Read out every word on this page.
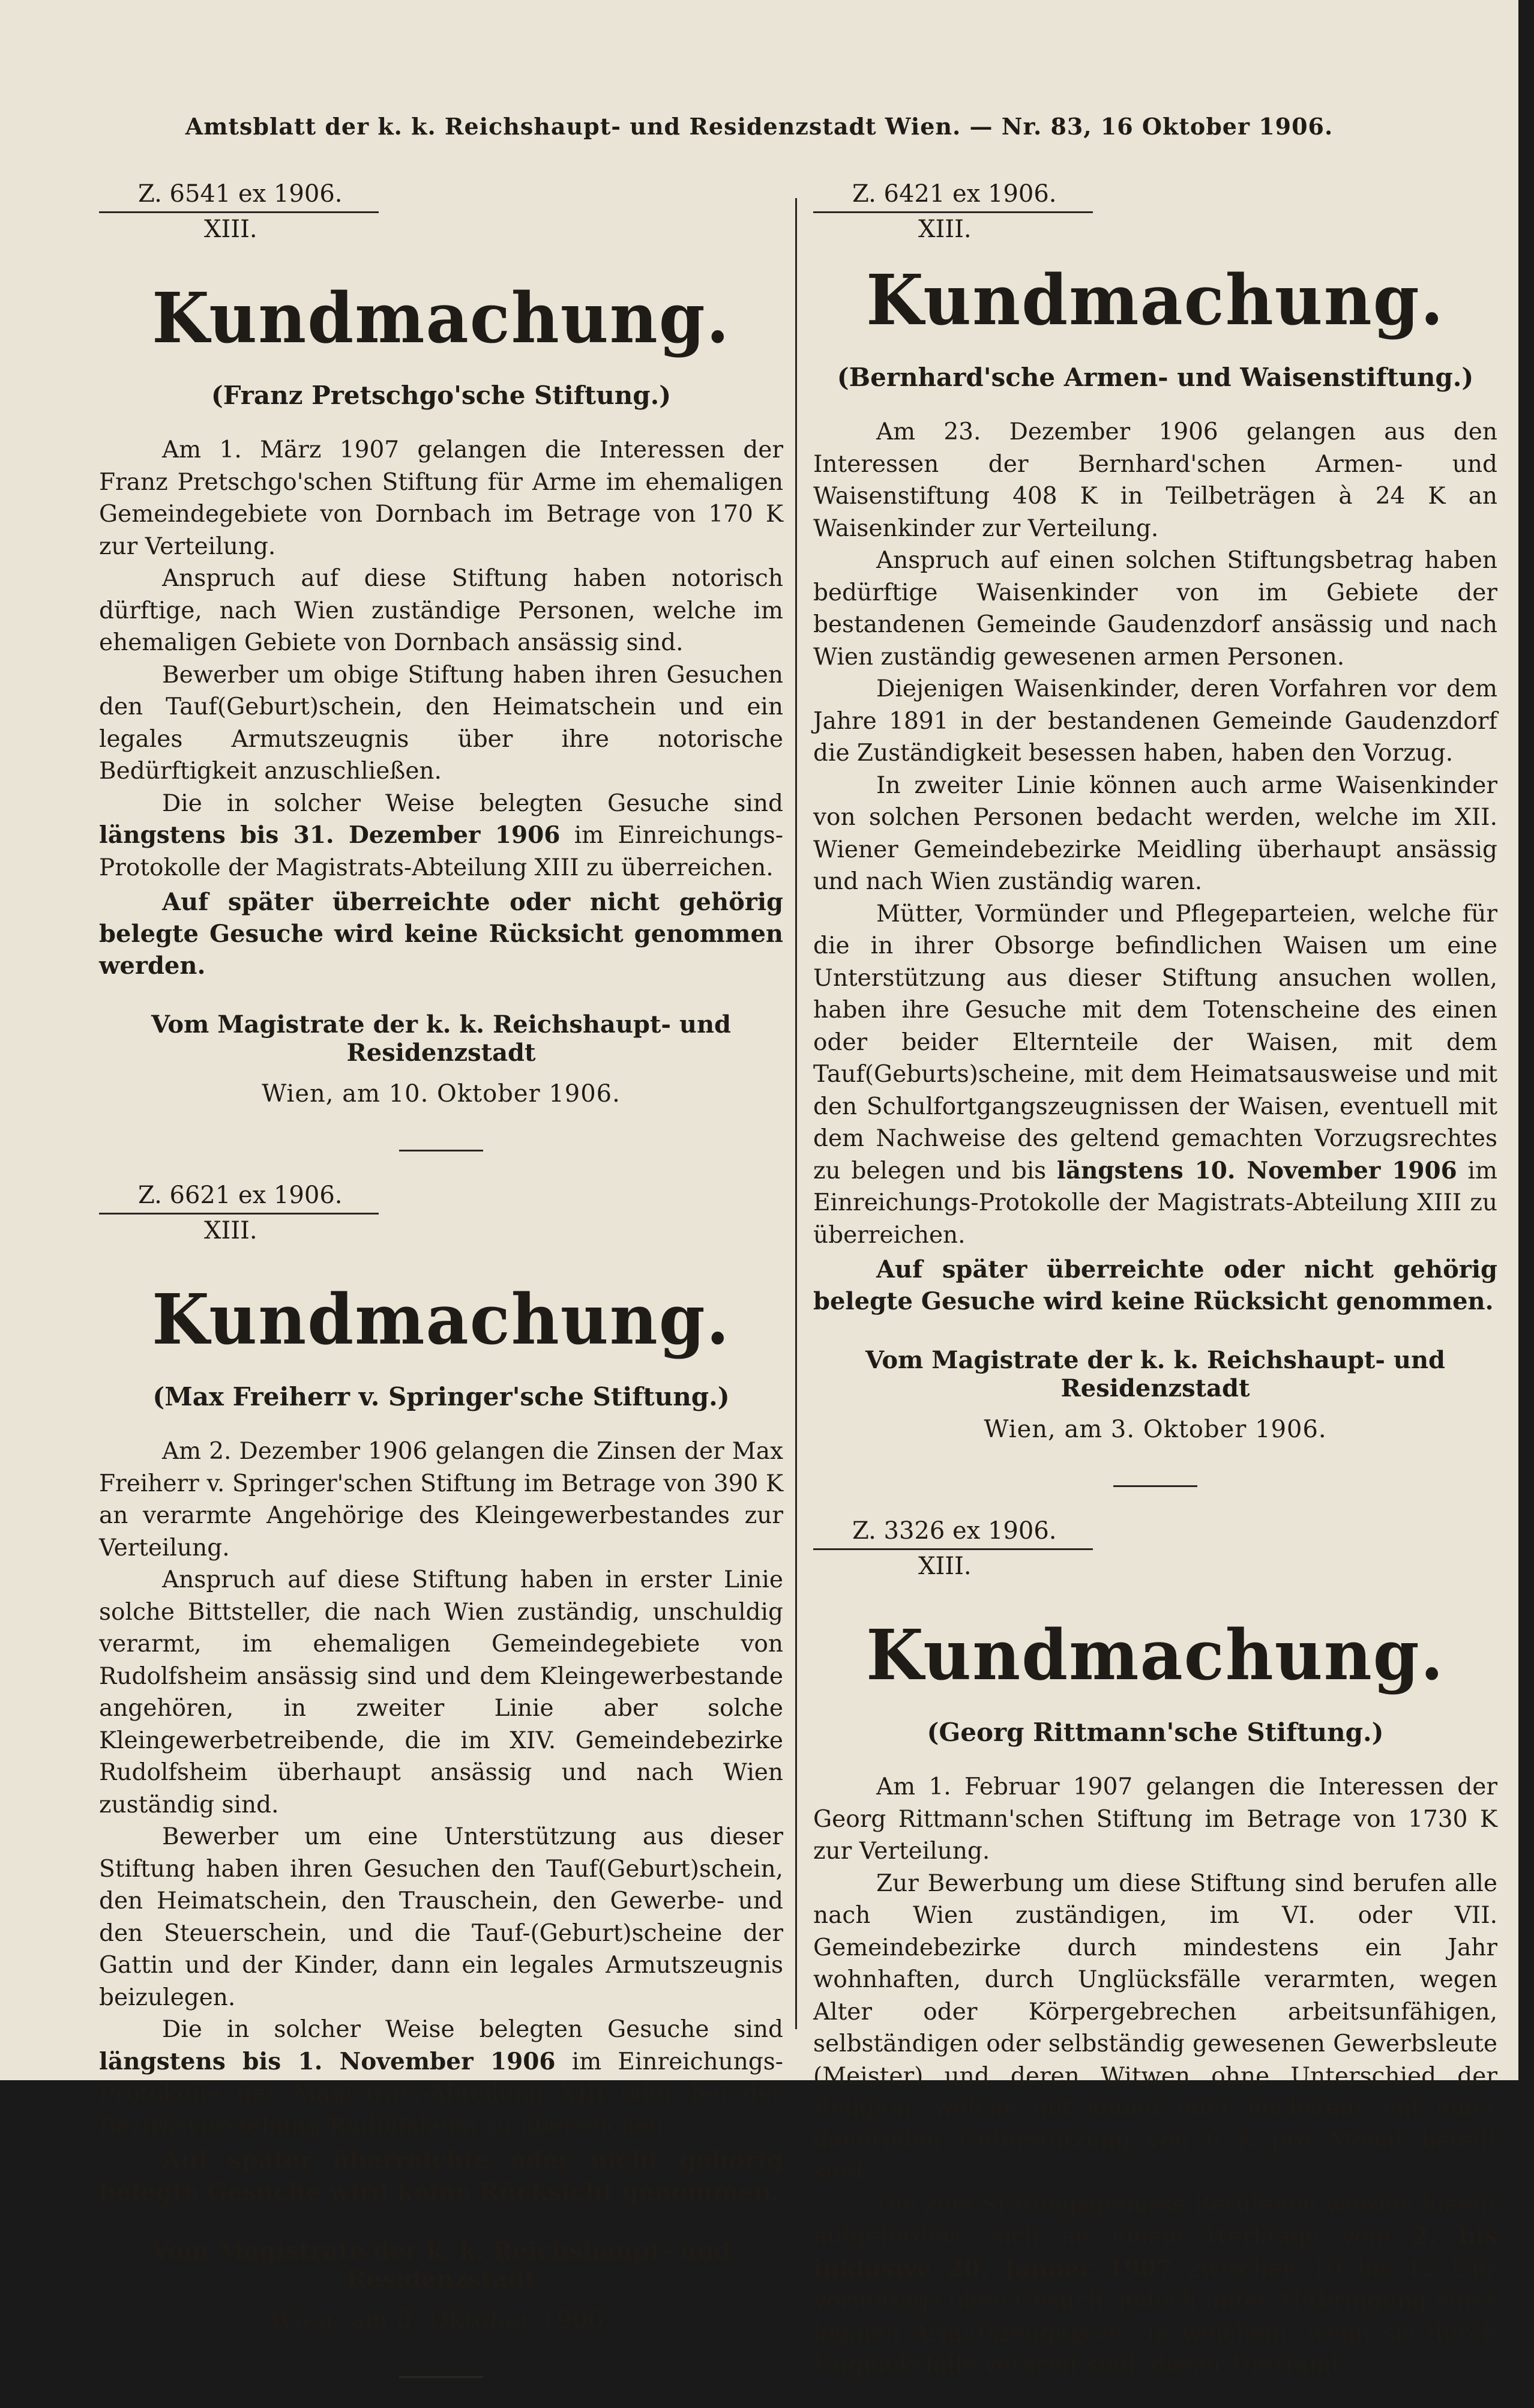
Amtsblatt der k. k. Reichshaupt- und Residenzstadt Wien. — Nr. 83, 16 Oktober 1906.
Z. 6541 ex 1906.
XIII.
Kundmachung.
(Franz Pretschgo'sche Stiftung.)

Am 1. März 1907 gelangen die Interessen der Franz Pretschgo'schen Stiftung für Arme im ehemaligen Gemeindegebiete von Dornbach im Betrage von 170 K zur Verteilung.

Anspruch auf diese Stiftung haben notorisch dürftige, nach Wien zuständige Personen, welche im ehemaligen Gebiete von Dornbach ansässig sind.

Bewerber um obige Stiftung haben ihren Gesuchen den Tauf(Geburt)schein, den Heimatschein und ein legales Armutszeugnis über ihre notorische Bedürftigkeit anzuschließen.

Die in solcher Weise belegten Gesuche sind längstens bis 31. Dezember 1906 im Einreichungs-Protokolle der Magistrats-Abteilung XIII zu überreichen.

Auf später überreichte oder nicht gehörig belegte Gesuche wird keine Rücksicht genommen werden.

Vom Magistrate der k. k. Reichshaupt- und Residenzstadt
Wien, am 10. Oktober 1906.
Z. 6621 ex 1906.
XIII.
Kundmachung.
(Max Freiherr v. Springer'sche Stiftung.)

Am 2. Dezember 1906 gelangen die Zinsen der Max Freiherr v. Springer'schen Stiftung im Betrage von 390 K an verarmte Angehörige des Kleingewerbestandes zur Verteilung.

Anspruch auf diese Stiftung haben in erster Linie solche Bittsteller, die nach Wien zuständig, unschuldig verarmt, im ehemaligen Gemeindegebiete von Rudolfsheim ansässig sind und dem Kleingewerbestande angehören, in zweiter Linie aber solche Kleingewerbetreibende, die im XIV. Gemeindebezirke Rudolfsheim überhaupt ansässig und nach Wien zuständig sind.

Bewerber um eine Unterstützung aus dieser Stiftung haben ihren Gesuchen den Tauf(Geburt)schein, den Heimatschein, den Trauschein, den Gewerbe- und den Steuerschein, und die Tauf-(Geburt)scheine der Gattin und der Kinder, dann ein legales Armutszeugnis beizulegen.

Die in solcher Weise belegten Gesuche sind längstens bis 1. November 1906 im Einreichungs-Protokolle der Magistrats-Abteilung XIII oder bei der Bezirksvorstehung Rudolfsheim zu überreichen.

Auf später überreichte oder nicht gehörig belegte Gesuche wird keine Rücksicht genommen.

Vom Magistrate der k. k. Reichshaupt- und Residenzstadt
Wien, am 8. Oktober 1906.
Z. 6421 ex 1906.
XIII.
Kundmachung.
(Bernhard'sche Armen- und Waisenstiftung.)

Am 23. Dezember 1906 gelangen aus den Interessen der Bernhard'schen Armen- und Waisenstiftung 408 K in Teilbeträgen à 24 K an Waisenkinder zur Verteilung.

Anspruch auf einen solchen Stiftungsbetrag haben bedürftige Waisenkinder von im Gebiete der bestandenen Gemeinde Gaudenzdorf ansässig und nach Wien zuständig gewesenen armen Personen.

Diejenigen Waisenkinder, deren Vorfahren vor dem Jahre 1891 in der bestandenen Gemeinde Gaudenzdorf die Zuständigkeit besessen haben, haben den Vorzug.

In zweiter Linie können auch arme Waisenkinder von solchen Personen bedacht werden, welche im XII. Wiener Gemeindebezirke Meidling überhaupt ansässig und nach Wien zuständig waren.

Mütter, Vormünder und Pflegeparteien, welche für die in ihrer Obsorge befindlichen Waisen um eine Unterstützung aus dieser Stiftung ansuchen wollen, haben ihre Gesuche mit dem Totenscheine des einen oder beider Elternteile der Waisen, mit dem Tauf(Geburts)scheine, mit dem Heimatsausweise und mit den Schulfortgangszeugnissen der Waisen, eventuell mit dem Nachweise des geltend gemachten Vorzugsrechtes zu belegen und bis längstens 10. November 1906 im Einreichungs-Protokolle der Magistrats-Abteilung XIII zu überreichen.

Auf später überreichte oder nicht gehörig belegte Gesuche wird keine Rücksicht genommen.

Vom Magistrate der k. k. Reichshaupt- und Residenzstadt
Wien, am 3. Oktober 1906.
Z. 3326 ex 1906.
XIII.
Kundmachung.
(Georg Rittmann'sche Stiftung.)

Am 1. Februar 1907 gelangen die Interessen der Georg Rittmann'schen Stiftung im Betrage von 1730 K zur Verteilung.

Zur Bewerbung um diese Stiftung sind berufen alle nach Wien zuständigen, im VI. oder VII. Gemeindebezirke durch mindestens ein Jahr wohnhaften, durch Unglücksfälle verarmten, wegen Alter oder Körpergebrechen arbeitsunfähigen, selbständigen oder selbständig gewesenen Gewerbsleute (Meister) und deren Witwen ohne Unterschied der Religion, welche mit keiner oder höchstens mit einer dauernden Unterstützung von 6 K pro Monat beteilt sind.

Die zum Stiftungsgenusse Berufenen werden hiemit aufgefordert, sich an einem Werktage vom 2. bis inklusive 20. Jänner 1907 zwischen 10 bis 12 Uhr vormittags ohne Gesuch, jedoch unter Mitbringung eines legalen Armutszeugnisses, in welchem, wenn sie durch Unglücksfälle verarmt sind, dieser Umstand
